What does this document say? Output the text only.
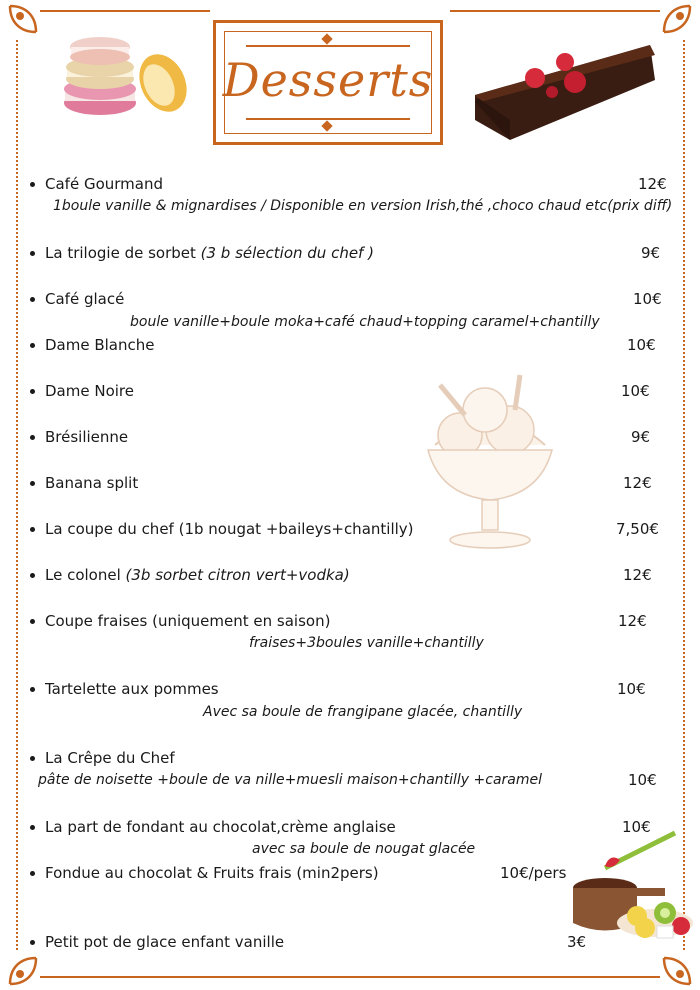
Desserts
Café Gourmand	12€
1boule vanille & mignardises / Disponible en version Irish,thé ,choco chaud etc(prix diff)
La trilogie de sorbet (3 b sélection du chef )	9€
Café glacé	10€
boule vanille+boule moka+café chaud+topping caramel+chantilly
Dame Blanche	10€
Dame Noire	10€
Brésilienne	9€
Banana split	12€
La coupe du chef (1b nougat +baileys+chantilly)	7,50€
Le colonel (3b sorbet citron vert+vodka)	12€
Coupe fraises (uniquement en saison)	12€
fraises+3boules vanille+chantilly
Tartelette aux pommes	10€
Avec sa boule de frangipane glacée, chantilly
La Crêpe du Chef
pâte de noisette +boule de va nille+muesli maison+chantilly +caramel	10€
La part de fondant au chocolat,crème anglaise	10€
avec sa boule de nougat glacée
Fondue au chocolat & Fruits frais (min2pers)	10€/pers
Petit pot de glace enfant vanille	3€
